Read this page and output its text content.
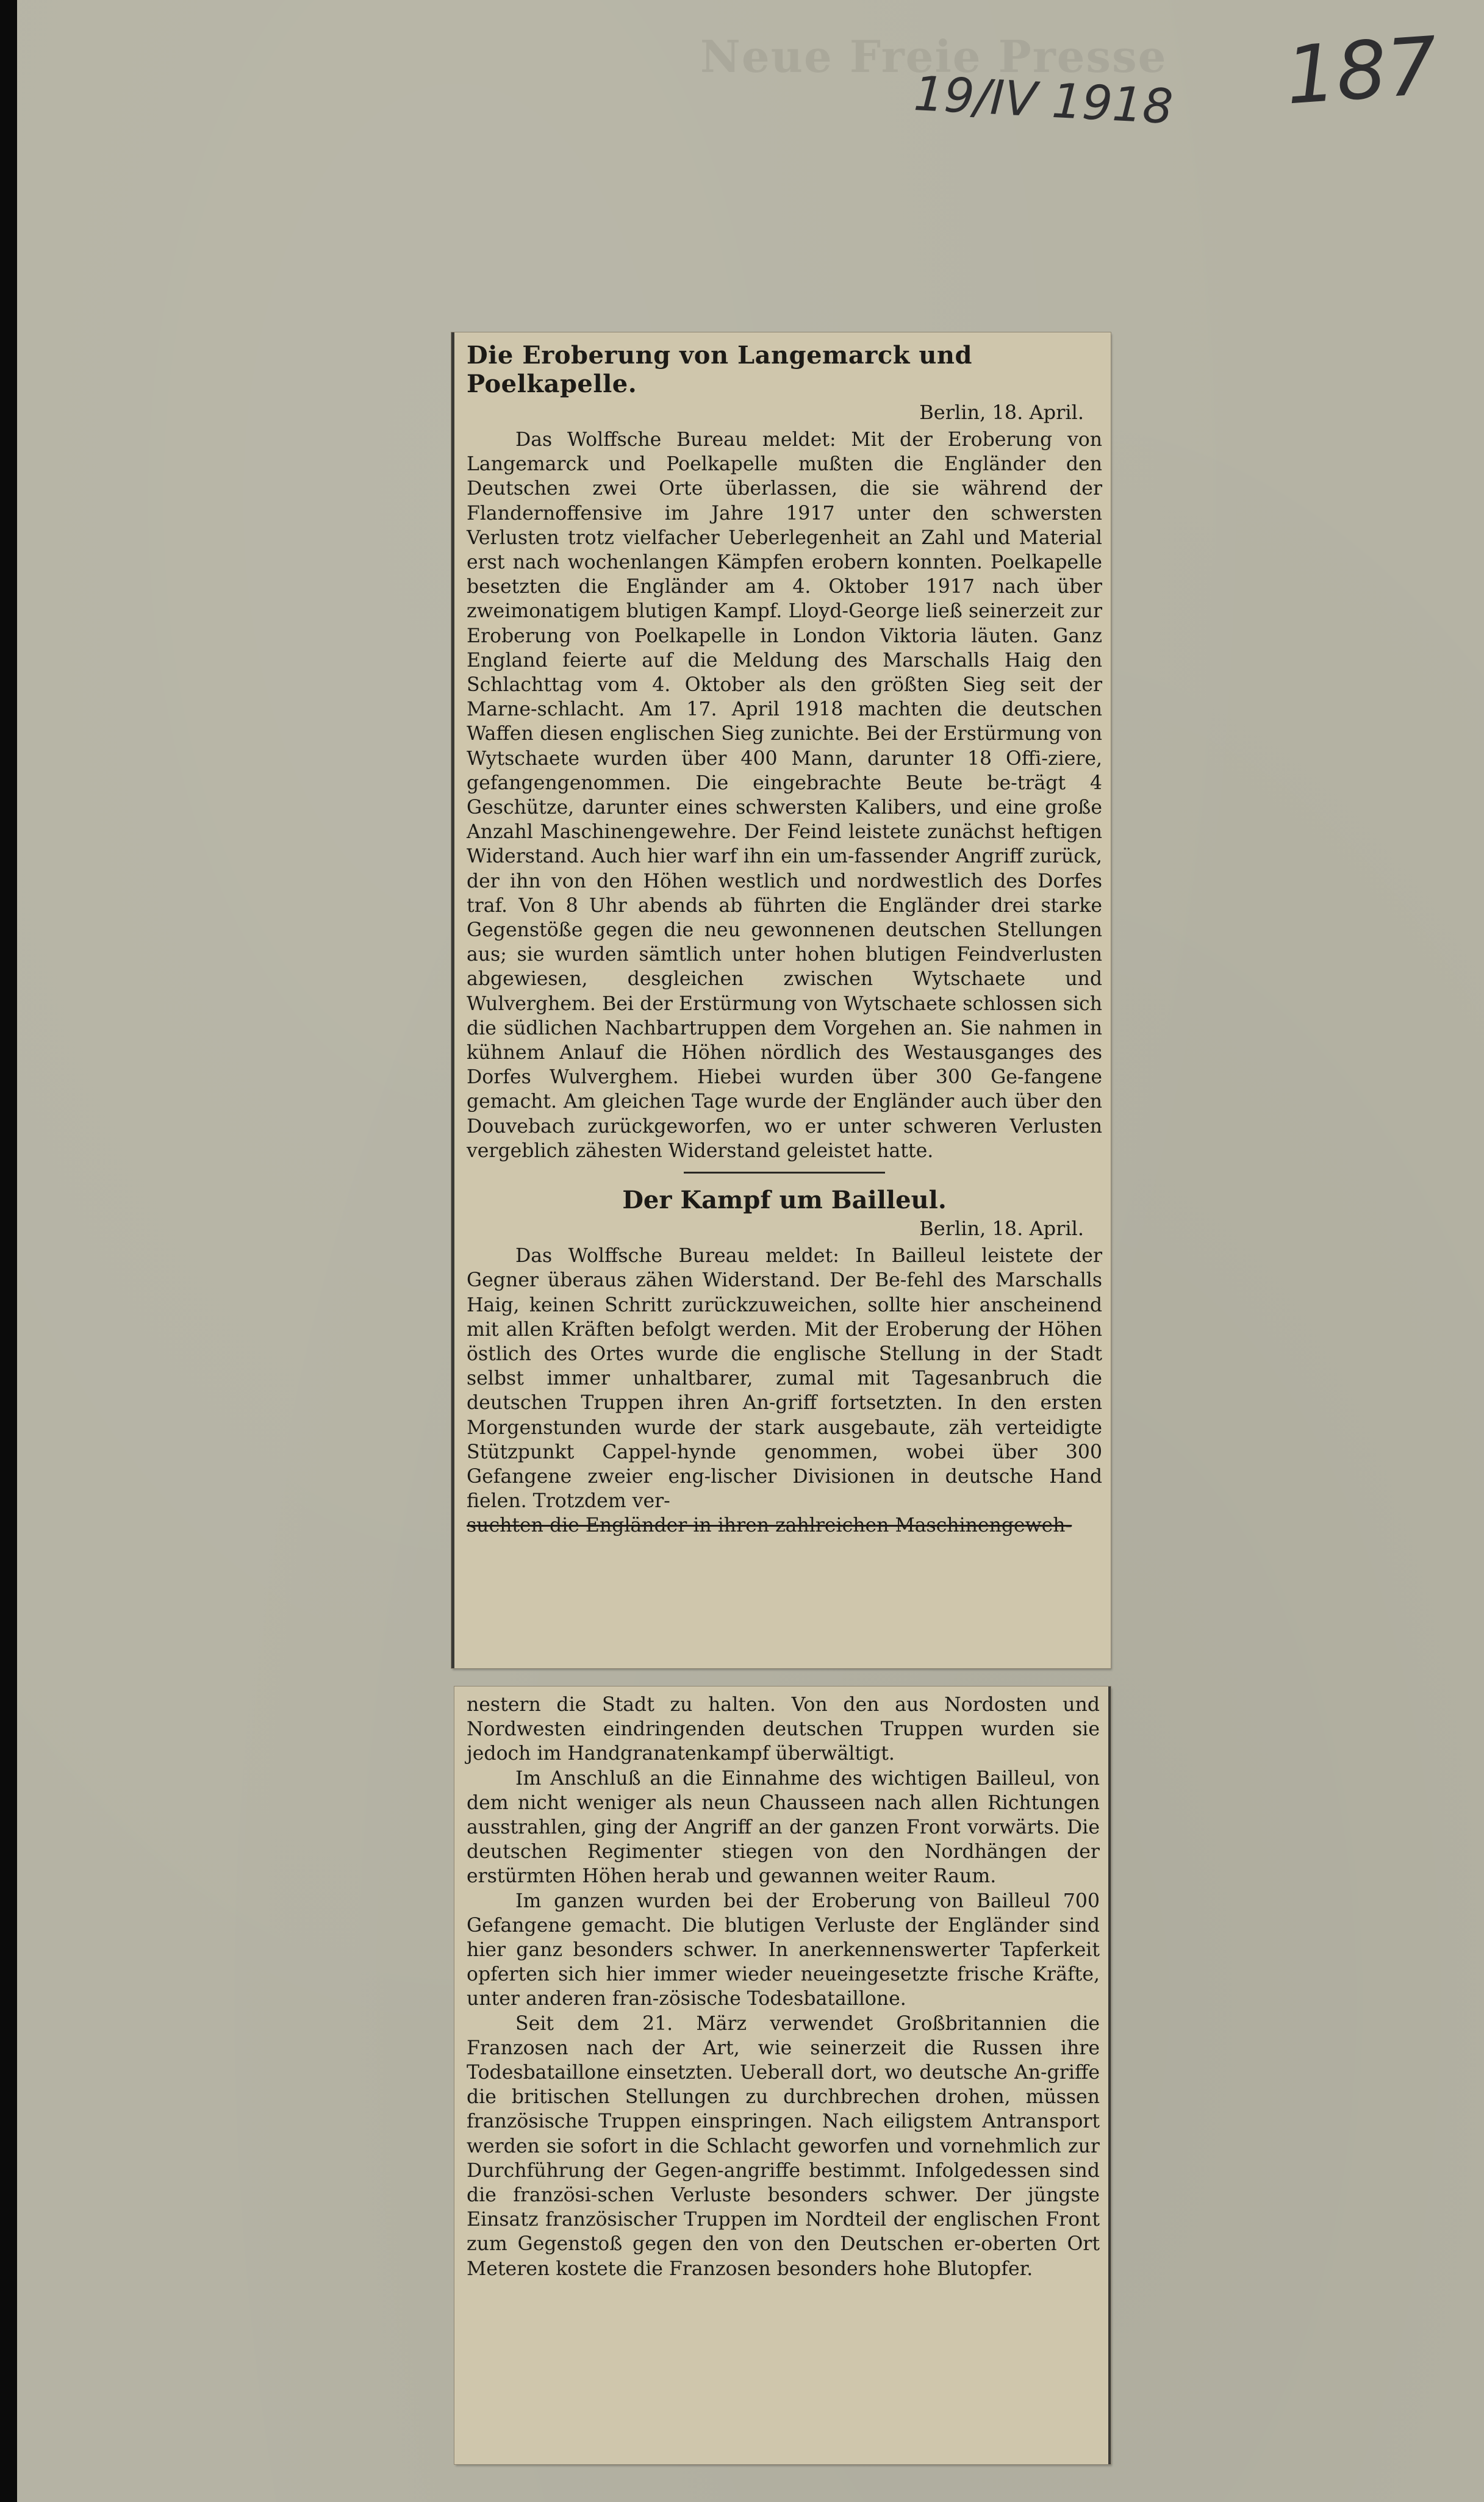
Neue Freie Presse
19/IV 1918 187
Die Eroberung von Langemarck und Poelkapelle.
Berlin, 18. April.

Das Wolffsche Bureau meldet: Mit der Eroberung von Langemarck und Poelkapelle mußten die Engländer den Deutschen zwei Orte überlassen, die sie während der Flandernoffensive im Jahre 1917 unter den schwersten Verlusten trotz vielfacher Ueberlegenheit an Zahl und Material erst nach wochenlangen Kämpfen erobern konnten. Poelkapelle besetzten die Engländer am 4. Oktober 1917 nach über zweimonatigem blutigen Kampf. Lloyd-George ließ seinerzeit zur Eroberung von Poelkapelle in London Viktoria läuten. Ganz England feierte auf die Meldung des Marschalls Haig den Schlachttag vom 4. Oktober als den größten Sieg seit der Marne-schlacht. Am 17. April 1918 machten die deutschen Waffen diesen englischen Sieg zunichte. Bei der Erstürmung von Wytschaete wurden über 400 Mann, darunter 18 Offi-ziere, gefangengenommen. Die eingebrachte Beute be-trägt 4 Geschütze, darunter eines schwersten Kalibers, und eine große Anzahl Maschinengewehre. Der Feind leistete zunächst heftigen Widerstand. Auch hier warf ihn ein um-fassender Angriff zurück, der ihn von den Höhen westlich und nordwestlich des Dorfes traf. Von 8 Uhr abends ab führten die Engländer drei starke Gegenstöße gegen die neu gewonnenen deutschen Stellungen aus; sie wurden sämtlich unter hohen blutigen Feindverlusten abgewiesen, desgleichen zwischen Wytschaete und Wulverghem. Bei der Erstürmung von Wytschaete schlossen sich die südlichen Nachbartruppen dem Vorgehen an. Sie nahmen in kühnem Anlauf die Höhen nördlich des Westausganges des Dorfes Wulverghem. Hiebei wurden über 300 Ge-fangene gemacht. Am gleichen Tage wurde der Engländer auch über den Douvebach zurückgeworfen, wo er unter schweren Verlusten vergeblich zähesten Widerstand geleistet hatte.

Der Kampf um Bailleul.
Berlin, 18. April.

Das Wolffsche Bureau meldet: In Bailleul leistete der Gegner überaus zähen Widerstand. Der Be-fehl des Marschalls Haig, keinen Schritt zurückzuweichen, sollte hier anscheinend mit allen Kräften befolgt werden. Mit der Eroberung der Höhen östlich des Ortes wurde die englische Stellung in der Stadt selbst immer unhaltbarer, zumal mit Tagesanbruch die deutschen Truppen ihren An-griff fortsetzten. In den ersten Morgenstunden wurde der stark ausgebaute, zäh verteidigte Stützpunkt Cappel-hynde genommen, wobei über 300 Gefangene zweier eng-lischer Divisionen in deutsche Hand fielen. Trotzdem ver-

suchten die Engländer in ihren zahlreichen Maschinengeweh-

nestern die Stadt zu halten. Von den aus Nordosten und Nordwesten eindringenden deutschen Truppen wurden sie jedoch im Handgranatenkampf überwältigt.

Im Anschluß an die Einnahme des wichtigen Bailleul, von dem nicht weniger als neun Chausseen nach allen Richtungen ausstrahlen, ging der Angriff an der ganzen Front vorwärts. Die deutschen Regimenter stiegen von den Nordhängen der erstürmten Höhen herab und gewannen weiter Raum.

Im ganzen wurden bei der Eroberung von Bailleul 700 Gefangene gemacht. Die blutigen Verluste der Engländer sind hier ganz besonders schwer. In anerkennenswerter Tapferkeit opferten sich hier immer wieder neueingesetzte frische Kräfte, unter anderen fran-zösische Todesbataillone.

Seit dem 21. März verwendet Großbritannien die Franzosen nach der Art, wie seinerzeit die Russen ihre Todesbataillone einsetzten. Ueberall dort, wo deutsche An-griffe die britischen Stellungen zu durchbrechen drohen, müssen französische Truppen einspringen. Nach eiligstem Antransport werden sie sofort in die Schlacht geworfen und vornehmlich zur Durchführung der Gegen-angriffe bestimmt. Infolgedessen sind die französi-schen Verluste besonders schwer. Der jüngste Einsatz französischer Truppen im Nordteil der englischen Front zum Gegenstoß gegen den von den Deutschen er-oberten Ort Meteren kostete die Franzosen besonders hohe Blutopfer.
